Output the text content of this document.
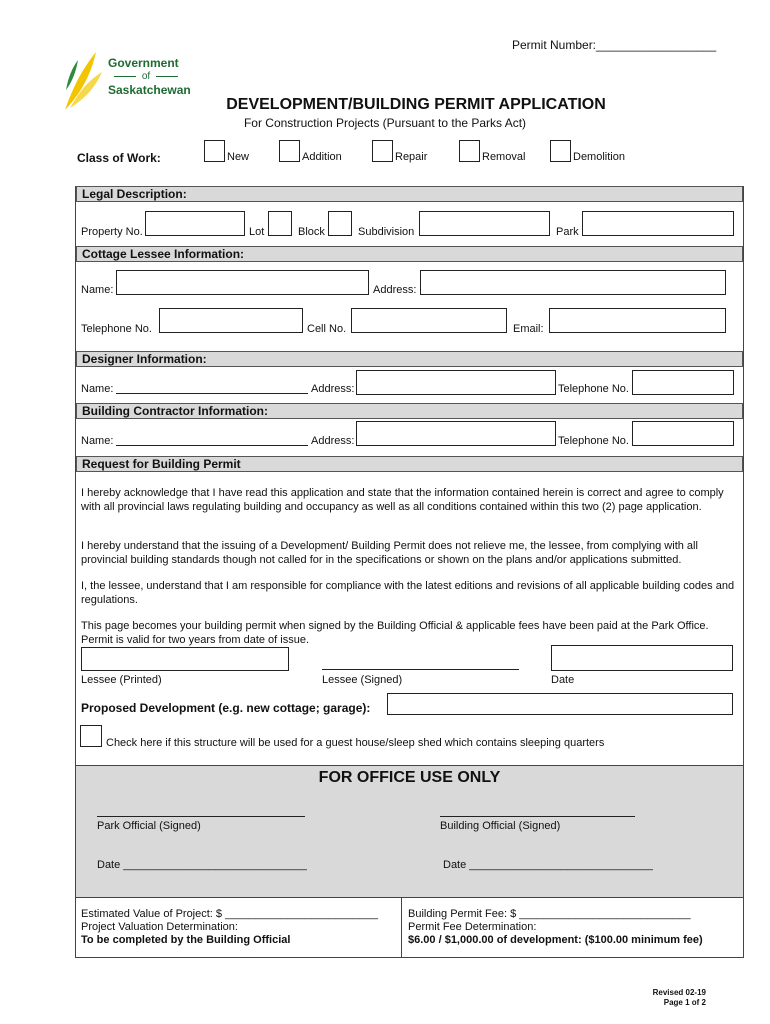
Permit Number:__________________
Government
of
Saskatchewan
DEVELOPMENT/BUILDING PERMIT APPLICATION
For Construction Projects (Pursuant to the Parks Act)
Class of Work:	New	Addition	Repair	Removal	Demolition
Legal Description:
Property No.	Lot	Block	Subdivision	Park
Cottage Lessee Information:
Name:	Address:
Telephone No.	Cell No.	Email:
Designer Information:
Name:	Address:	Telephone No.
Building Contractor Information:
Name:	Address:	Telephone No.
Request for Building Permit
I hereby acknowledge that I have read this application and state that the information contained herein is correct and agree to comply with all provincial laws regulating building and occupancy as well as all conditions contained within this two (2) page application.
I hereby understand that the issuing of a Development/ Building Permit does not relieve me, the lessee, from complying with all provincial building standards though not called for in the specifications or shown on the plans and/or applications submitted.
I, the lessee, understand that I am responsible for compliance with the latest editions and revisions of all applicable building codes and regulations.
This page becomes your building permit when signed by the Building Official & applicable fees have been paid at the Park Office. Permit is valid for two years from date of issue.
Lessee (Printed)	Lessee (Signed)	Date
Proposed Development (e.g. new cottage; garage):
Check here if this structure will be used for a guest house/sleep shed which contains sleeping quarters
FOR OFFICE USE ONLY
Park Official (Signed)	Building Official (Signed)
Date ______________________________	Date ______________________________
Estimated Value of Project: $ _________________________
Project Valuation Determination:
To be completed by the Building Official
Building Permit Fee: $ ____________________________
Permit Fee Determination:
$6.00 / $1,000.00 of development: ($100.00 minimum fee)
Revised 02-19
Page 1 of 2
